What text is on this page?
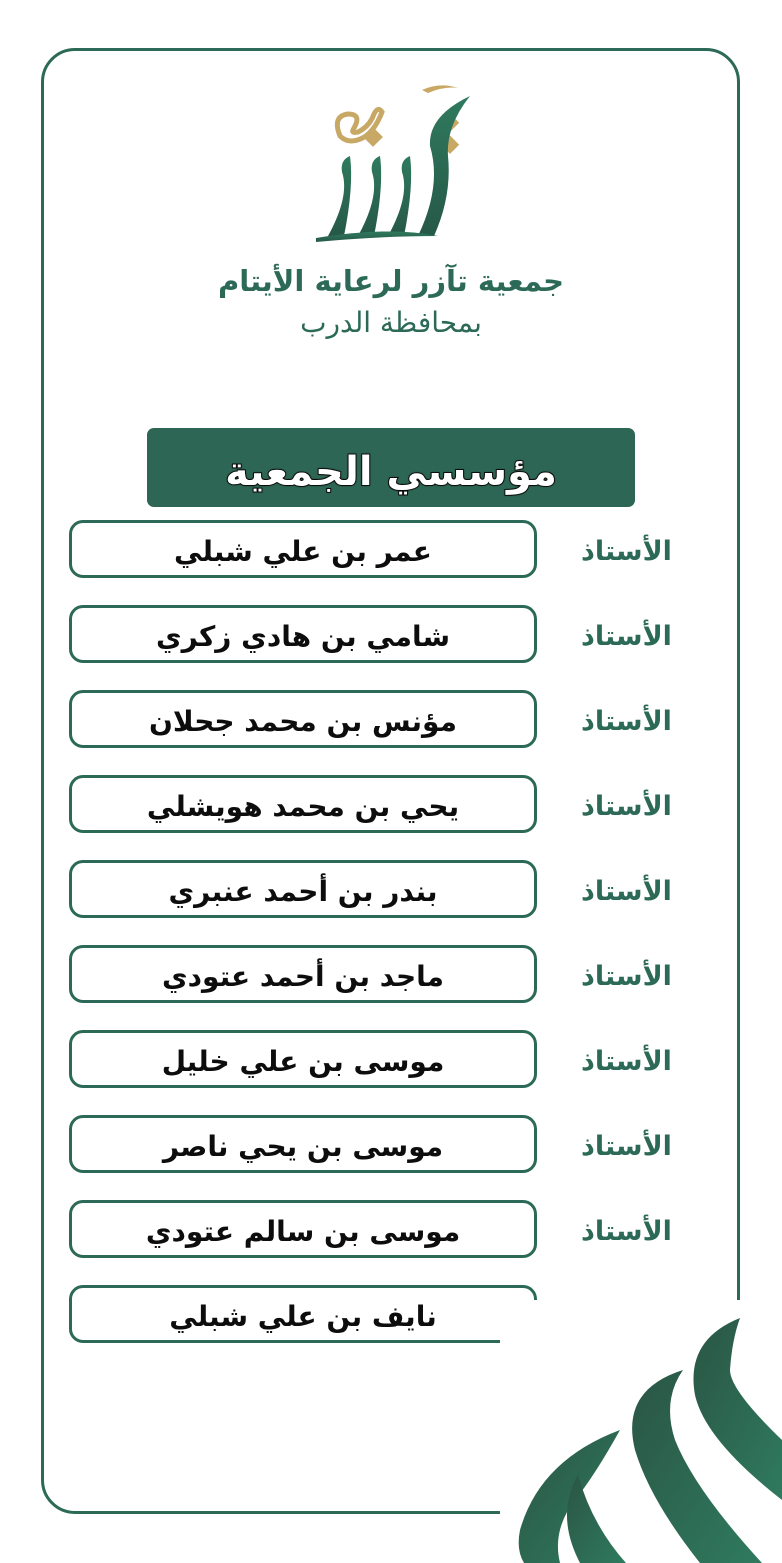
جمعية تآزر لرعاية الأيتام
بمحافظة الدرب
مؤسسي الجمعية
عمر بن علي شبلي	الأستاذ
شامي بن هادي زكري	الأستاذ
مؤنس بن محمد جحلان	الأستاذ
يحي بن محمد هويشلي	الأستاذ
بندر بن أحمد عنبري	الأستاذ
ماجد بن أحمد عتودي	الأستاذ
موسى بن علي خليل	الأستاذ
موسى بن يحي ناصر	الأستاذ
موسى بن سالم عتودي	الأستاذ
نايف بن علي شبلي
